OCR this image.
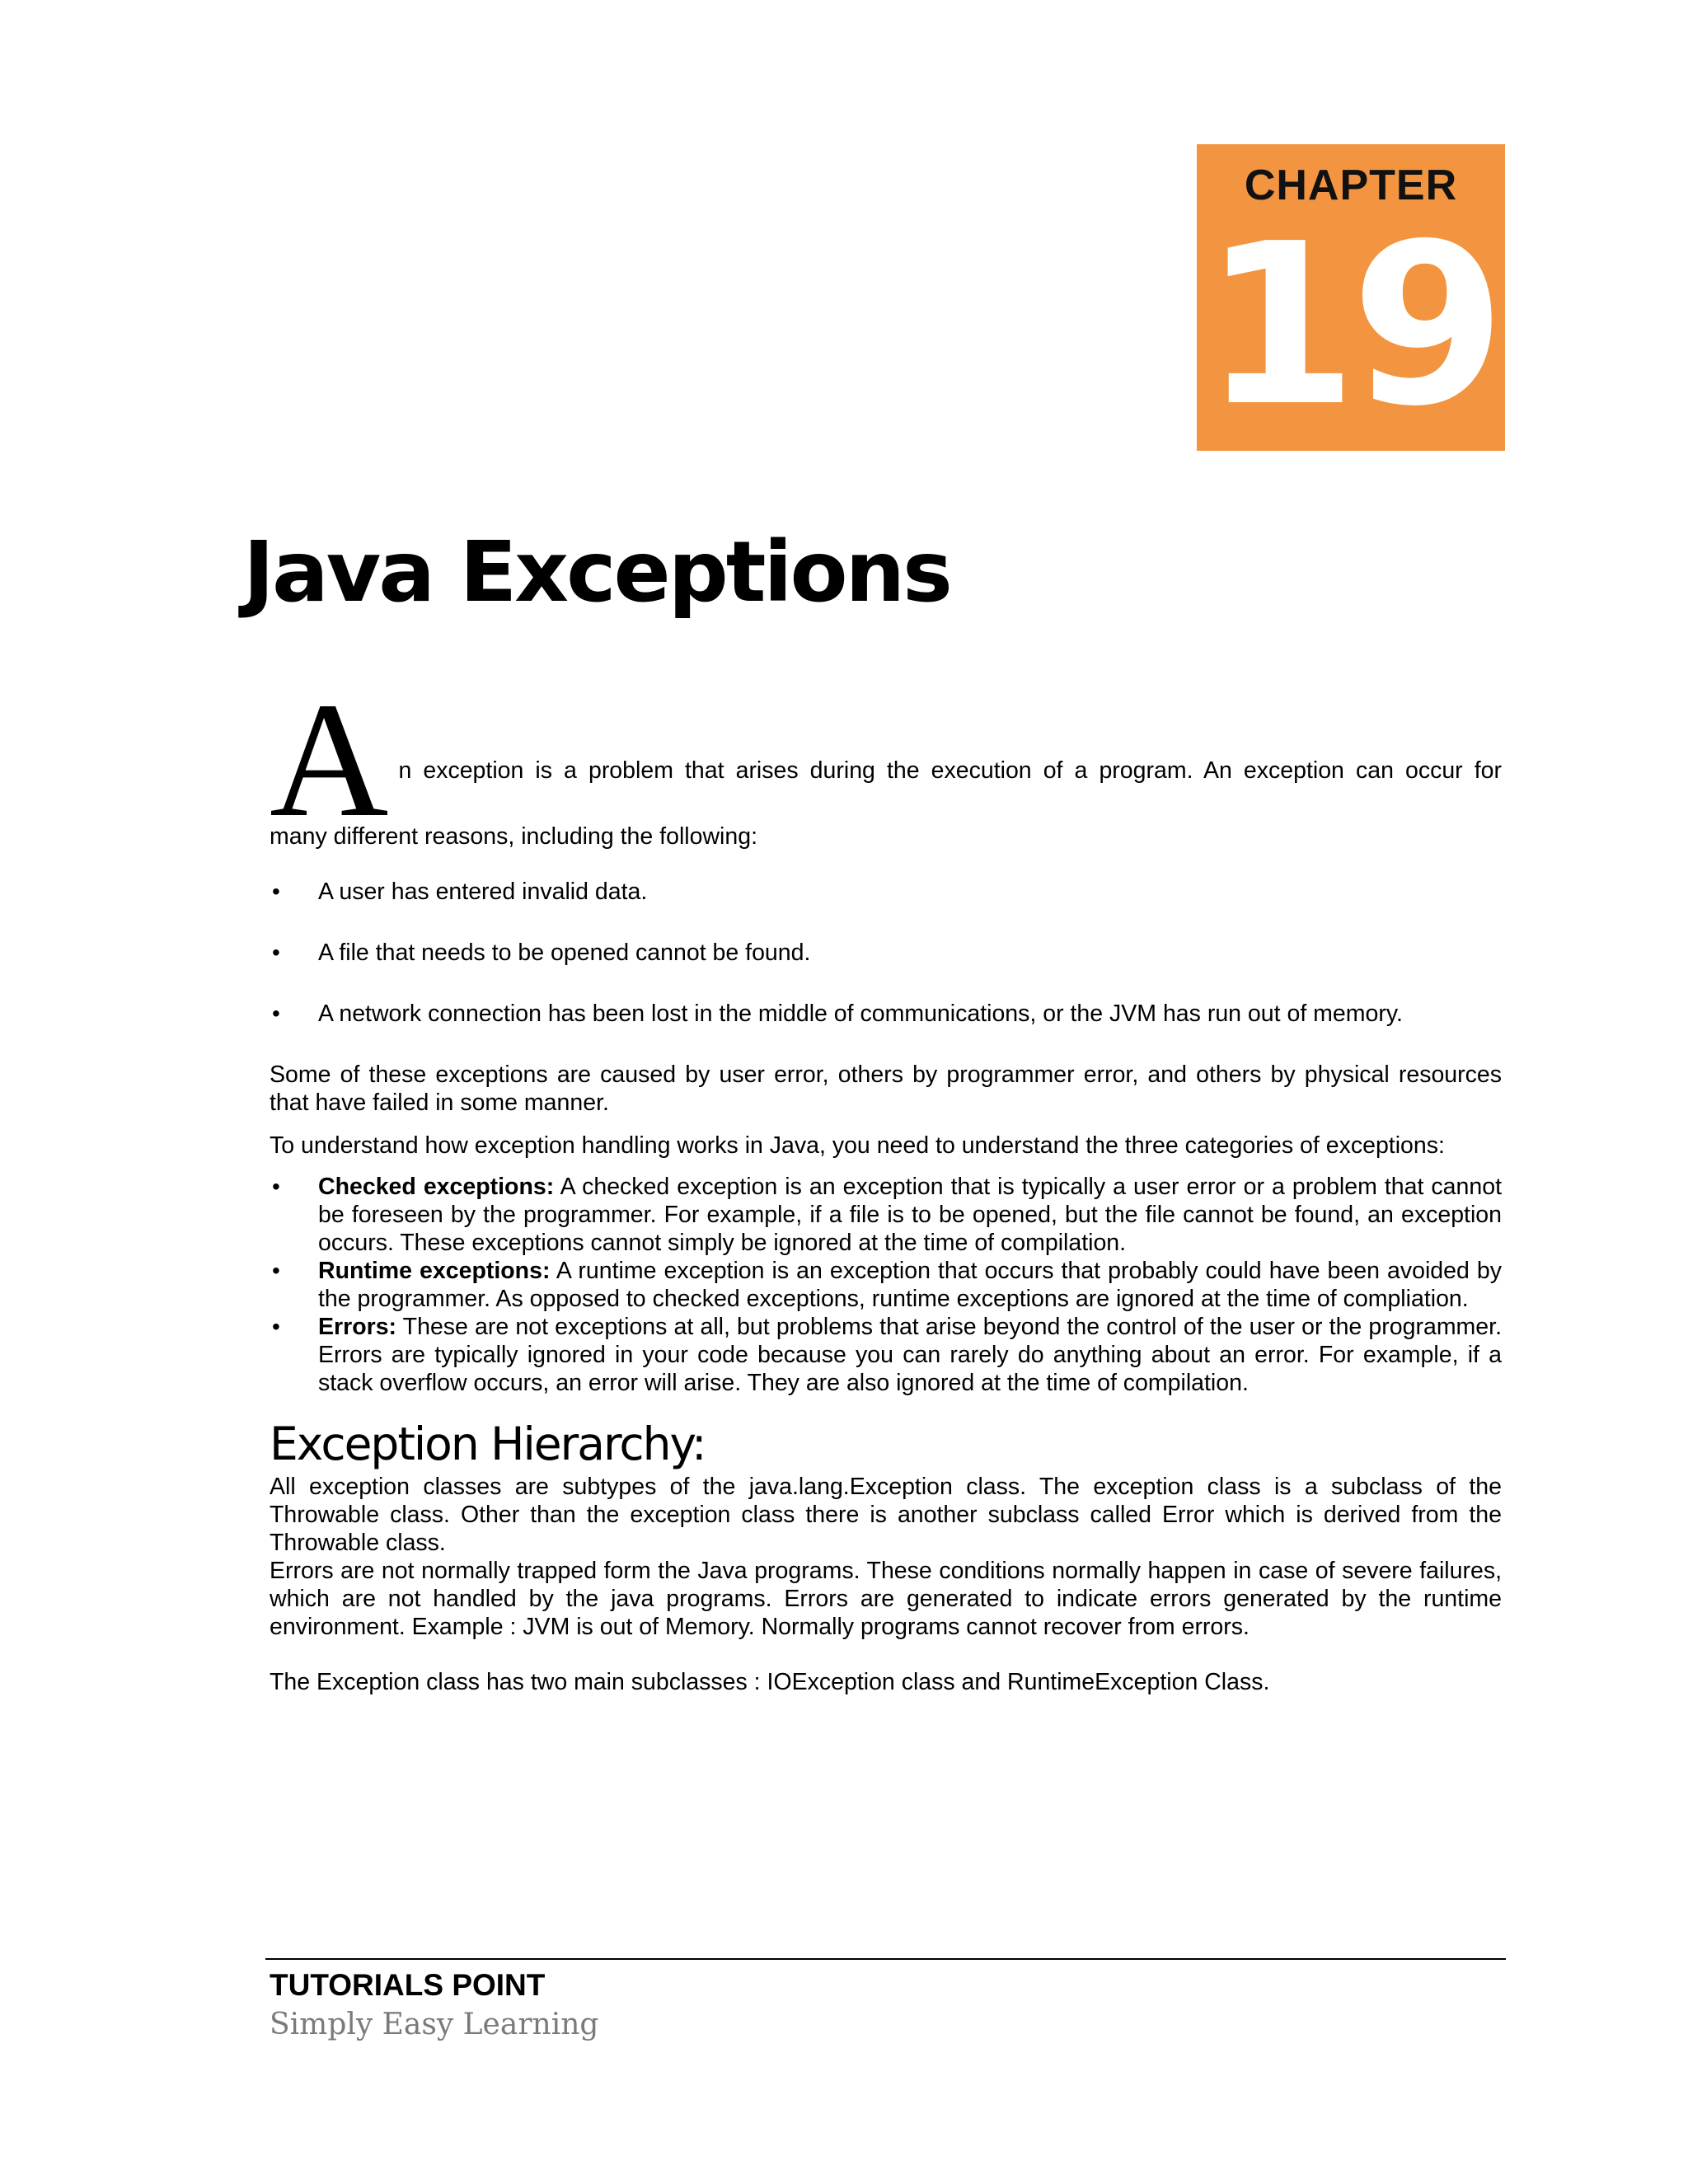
CHAPTER
19
Java Exceptions
A n exception is a problem that arises during the execution of a program. An exception can occur for
many different reasons, including the following:
• A user has entered invalid data.
• A file that needs to be opened cannot be found.
• A network connection has been lost in the middle of communications, or the JVM has run out of memory.

Some of these exceptions are caused by user error, others by programmer error, and others by physical resources that have failed in some manner.

To understand how exception handling works in Java, you need to understand the three categories of exceptions:

• Checked exceptions: A checked exception is an exception that is typically a user error or a problem that cannot be foreseen by the programmer. For example, if a file is to be opened, but the file cannot be found, an exception occurs. These exceptions cannot simply be ignored at the time of compilation.
• Runtime exceptions: A runtime exception is an exception that occurs that probably could have been avoided by the programmer. As opposed to checked exceptions, runtime exceptions are ignored at the time of compliation.
• Errors: These are not exceptions at all, but problems that arise beyond the control of the user or the programmer. Errors are typically ignored in your code because you can rarely do anything about an error. For example, if a stack overflow occurs, an error will arise. They are also ignored at the time of compilation.
Exception Hierarchy:

All exception classes are subtypes of the java.lang.Exception class. The exception class is a subclass of the Throwable class. Other than the exception class there is another subclass called Error which is derived from the Throwable class.

Errors are not normally trapped form the Java programs. These conditions normally happen in case of severe failures, which are not handled by the java programs. Errors are generated to indicate errors generated by the runtime environment. Example : JVM is out of Memory. Normally programs cannot recover from errors.

The Exception class has two main subclasses : IOException class and RuntimeException Class.

TUTORIALS POINT
Simply Easy Learning
